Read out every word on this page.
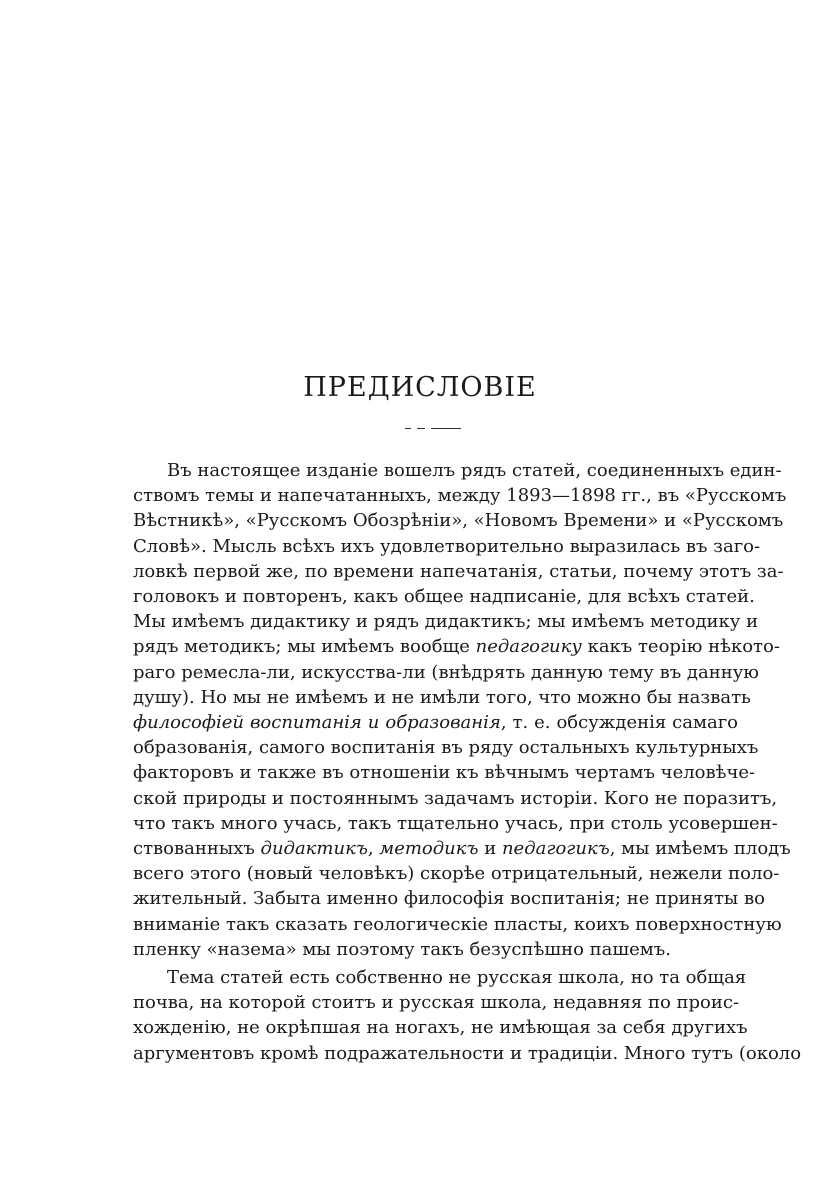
ПРЕДИСЛОВІЕ
Въ настоящее изданіе вошелъ рядъ статей, соединенныхъ един-
ствомъ темы и напечатанныхъ, между 1893—1898 гг., въ «Русскомъ
Вѣстникѣ», «Русскомъ Обозрѣніи», «Новомъ Времени» и «Русскомъ
Словѣ». Мысль всѣхъ ихъ удовлетворительно выразилась въ заго-
ловкѣ первой же, по времени напечатанія, статьи, почему этотъ за-
головокъ и повторенъ, какъ общее надписаніе, для всѣхъ статей.
Мы имѣемъ дидактику и рядъ дидактикъ; мы имѣемъ методику и
рядъ методикъ; мы имѣемъ вообще педагогику какъ теорію нѣкото-
раго ремесла-ли, искусства-ли (внѣдрять данную тему въ данную
душу). Но мы не имѣемъ и не имѣли того, что можно бы назвать
философіей воспитанія и образованія, т. е. обсужденія самаго
образованія, самого воспитанія въ ряду остальныхъ культурныхъ
факторовъ и также въ отношеніи къ вѣчнымъ чертамъ человѣче-
ской природы и постояннымъ задачамъ исторіи. Кого не поразитъ,
что такъ много учась, такъ тщательно учась, при столь усовершен-
ствованныхъ дидактикъ, методикъ и педагогикъ, мы имѣемъ плодъ
всего этого (новый человѣкъ) скорѣе отрицательный, нежели поло-
жительный. Забыта именно философія воспитанія; не приняты во
вниманіе такъ сказать геологическіе пласты, коихъ поверхностную
пленку «назема» мы поэтому такъ безуспѣшно пашемъ.
Тема статей есть собственно не русская школа, но та общая
почва, на которой стоитъ и русская школа, недавняя по проис-
хожденію, не окрѣпшая на ногахъ, не имѣющая за себя другихъ
аргументовъ кромѣ подражательности и традиціи. Много тутъ (около
